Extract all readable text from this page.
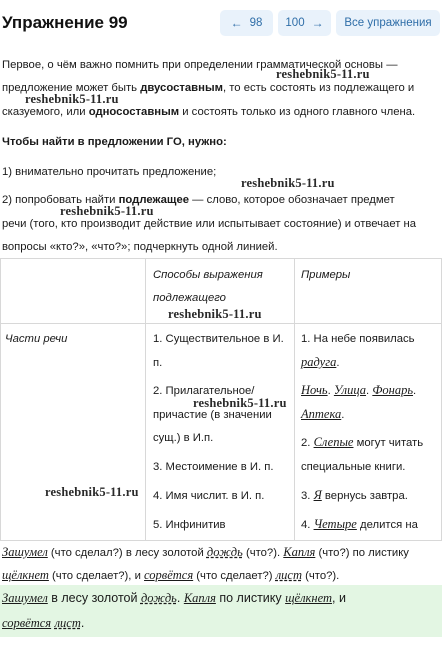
Упражнение 99	← 98 100 → Все упражнения
Первое, о чём важно помнить при определении грамматической основы —
предложение может быть двусоставным, то есть состоять из подлежащего и
сказуемого, или односоставным и состоять только из одного главного члена.
Чтобы найти в предложении ГО, нужно:
1) внимательно прочитать предложение;
2) попробовать найти подлежащее — слово, которое обозначает предмет
речи (того, кто производит действие или испытывает состояние) и отвечает на
вопросы «кто?», «что?»; подчеркнуть одной линией.
Способы выражения
подлежащего
Примеры
Части речи	1. Существительное в И.
п.
2. Прилагательное/
причастие (в значении
сущ.) в И.п.
3. Местоимение в И. п.
4. Имя числит. в И. п.
5. Инфинитив
1. На небе появилась
радуга.
Ночь. Улица. Фонарь.
Аптека.
2. Слепые могут читать
специальные книги.
3. Я вернусь завтра.
4. Четыре делится на
Зашумел (что сделал?) в лесу золотой дождь (что?). Капля (что?) по листику
щёлкнет (что сделает?), и сорвётся (что сделает?) лист (что?).
Зашумел в лесу золотой дождь. Капля по листику щёлкнет, и
сорвётся лист.
reshebnik5-11.ru
reshebnik5-11.ru
reshebnik5-11.ru
reshebnik5-11.ru
reshebnik5-11.ru
reshebnik5-11.ru
reshebnik5-11.ru
